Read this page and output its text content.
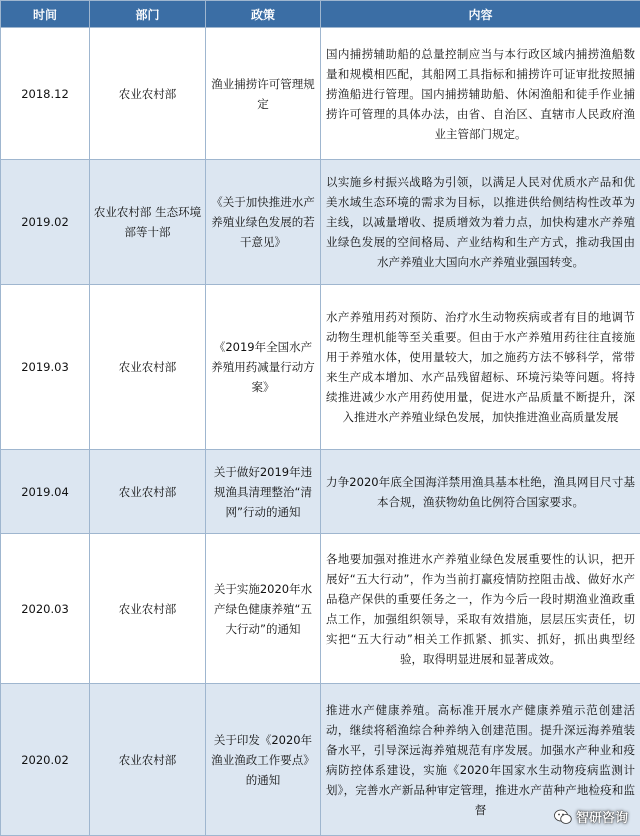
时间	部门	政策	内容
2018.12	农业农村部	渔业捕捞许可管理规定	国内捕捞辅助船的总量控制应当与本行政区域内捕捞渔船数量和规模相匹配，其船网工具指标和捕捞许可证审批按照捕捞渔船进行管理。国内捕捞辅助船、休闲渔船和徒手作业捕捞许可管理的具体办法，由省、自治区、直辖市人民政府渔业主管部门规定。
2019.02	农业农村部 生态环境部等十部	《关于加快推进水产养殖业绿色发展的若干意见》	以实施乡村振兴战略为引领，以满足人民对优质水产品和优美水域生态环境的需求为目标，以推进供给侧结构性改革为主线，以减量增收、提质增效为着力点，加快构建水产养殖业绿色发展的空间格局、产业结构和生产方式，推动我国由水产养殖业大国向水产养殖业强国转变。
2019.03	农业农村部	《2019年全国水产养殖用药减量行动方案》	水产养殖用药对预防、治疗水生动物疾病或者有目的地调节动物生理机能等至关重要。但由于水产养殖用药往往直接施用于养殖水体，使用量较大，加之施药方法不够科学，常带来生产成本增加、水产品残留超标、环境污染等问题。将持续推进减少水产用药使用量，促进水产品质量不断提升，深入推进水产养殖业绿色发展，加快推进渔业高质量发展
2019.04	农业农村部	关于做好2019年违规渔具清理整治“清网”行动的通知	力争2020年底全国海洋禁用渔具基本杜绝，渔具网目尺寸基本合规，渔获物幼鱼比例符合国家要求。
2020.03	农业农村部	关于实施2020年水产绿色健康养殖“五大行动”的通知	各地要加强对推进水产养殖业绿色发展重要性的认识，把开展好“五大行动”，作为当前打赢疫情防控阻击战、做好水产品稳产保供的重要任务之一，作为今后一段时期渔业渔政重点工作，加强组织领导，采取有效措施，层层压实责任，切实把“五大行动”相关工作抓紧、抓实、抓好，抓出典型经验，取得明显进展和显著成效。
2020.02	农业农村部	关于印发《2020年渔业渔政工作要点》的通知	推进水产健康养殖。高标准开展水产健康养殖示范创建活动，继续将稻渔综合种养纳入创建范围。提升深远海养殖装备水平，引导深远海养殖规范有序发展。加强水产种业和疫病防控体系建设，实施《2020年国家水生动物疫病监测计划》，完善水产新品种审定管理，推进水产苗种产地检疫和监督
智研咨询
